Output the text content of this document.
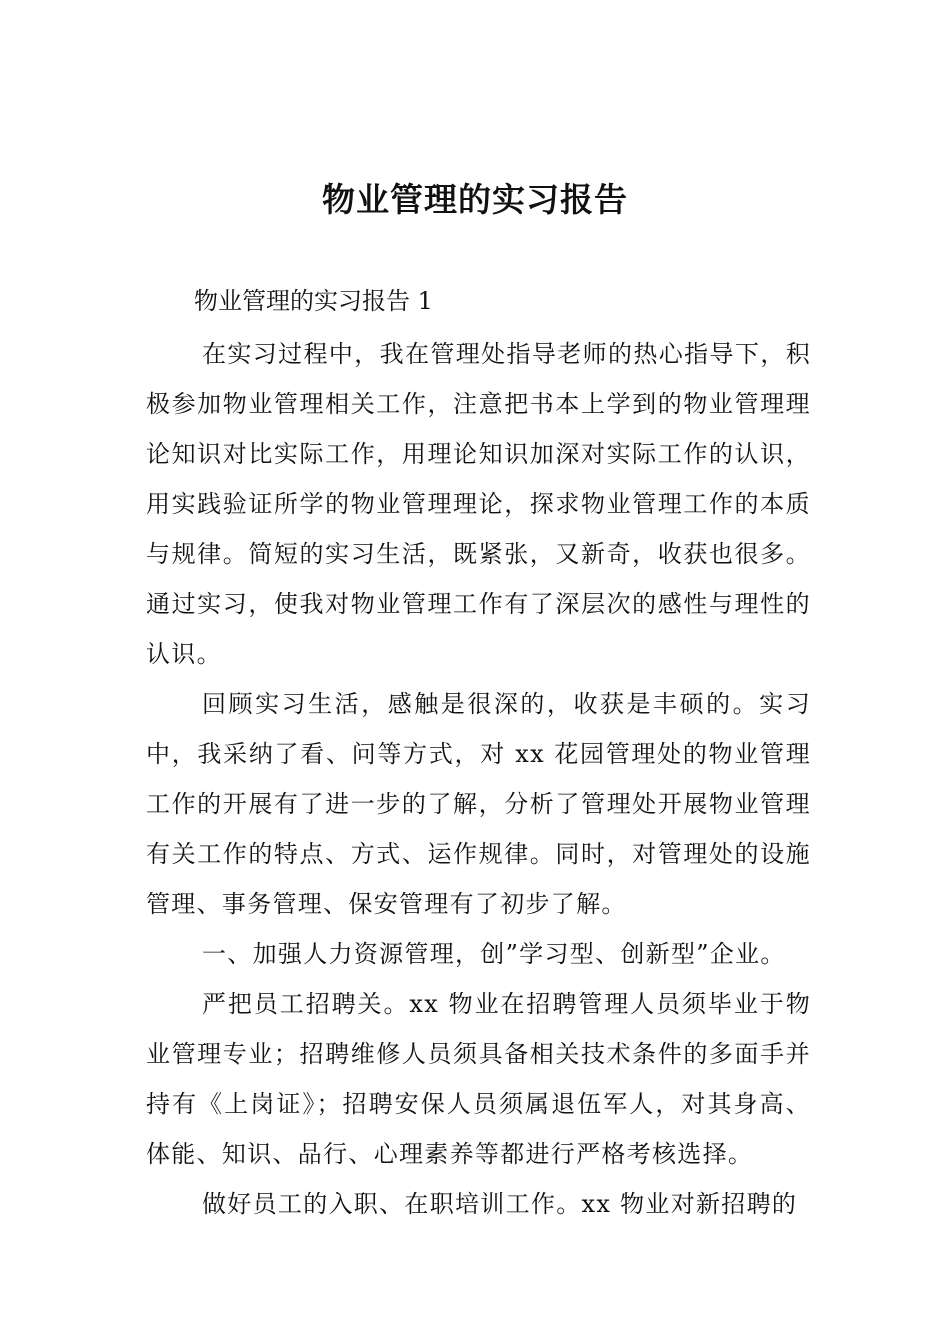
物业管理的实习报告

物业管理的实习报告 1

在实习过程中，我在管理处指导老师的热心指导下，积极参加物业管理相关工作，注意把书本上学到的物业管理理论知识对比实际工作，用理论知识加深对实际工作的认识，用实践验证所学的物业管理理论，探求物业管理工作的本质与规律。简短的实习生活，既紧张，又新奇，收获也很多。通过实习，使我对物业管理工作有了深层次的感性与理性的认识。

回顾实习生活，感触是很深的，收获是丰硕的。实习中，我采纳了看、问等方式，对 xx 花园管理处的物业管理工作的开展有了进一步的了解，分析了管理处开展物业管理有关工作的特点、方式、运作规律。同时，对管理处的设施管理、事务管理、保安管理有了初步了解。

一、加强人力资源管理，创”学习型、创新型”企业。

严把员工招聘关。xx 物业在招聘管理人员须毕业于物业管理专业；招聘维修人员须具备相关技术条件的多面手并持有《上岗证》；招聘安保人员须属退伍军人，对其身高、体能、知识、品行、心理素养等都进行严格考核选择。

做好员工的入职、在职培训工作。xx 物业对新招聘的
